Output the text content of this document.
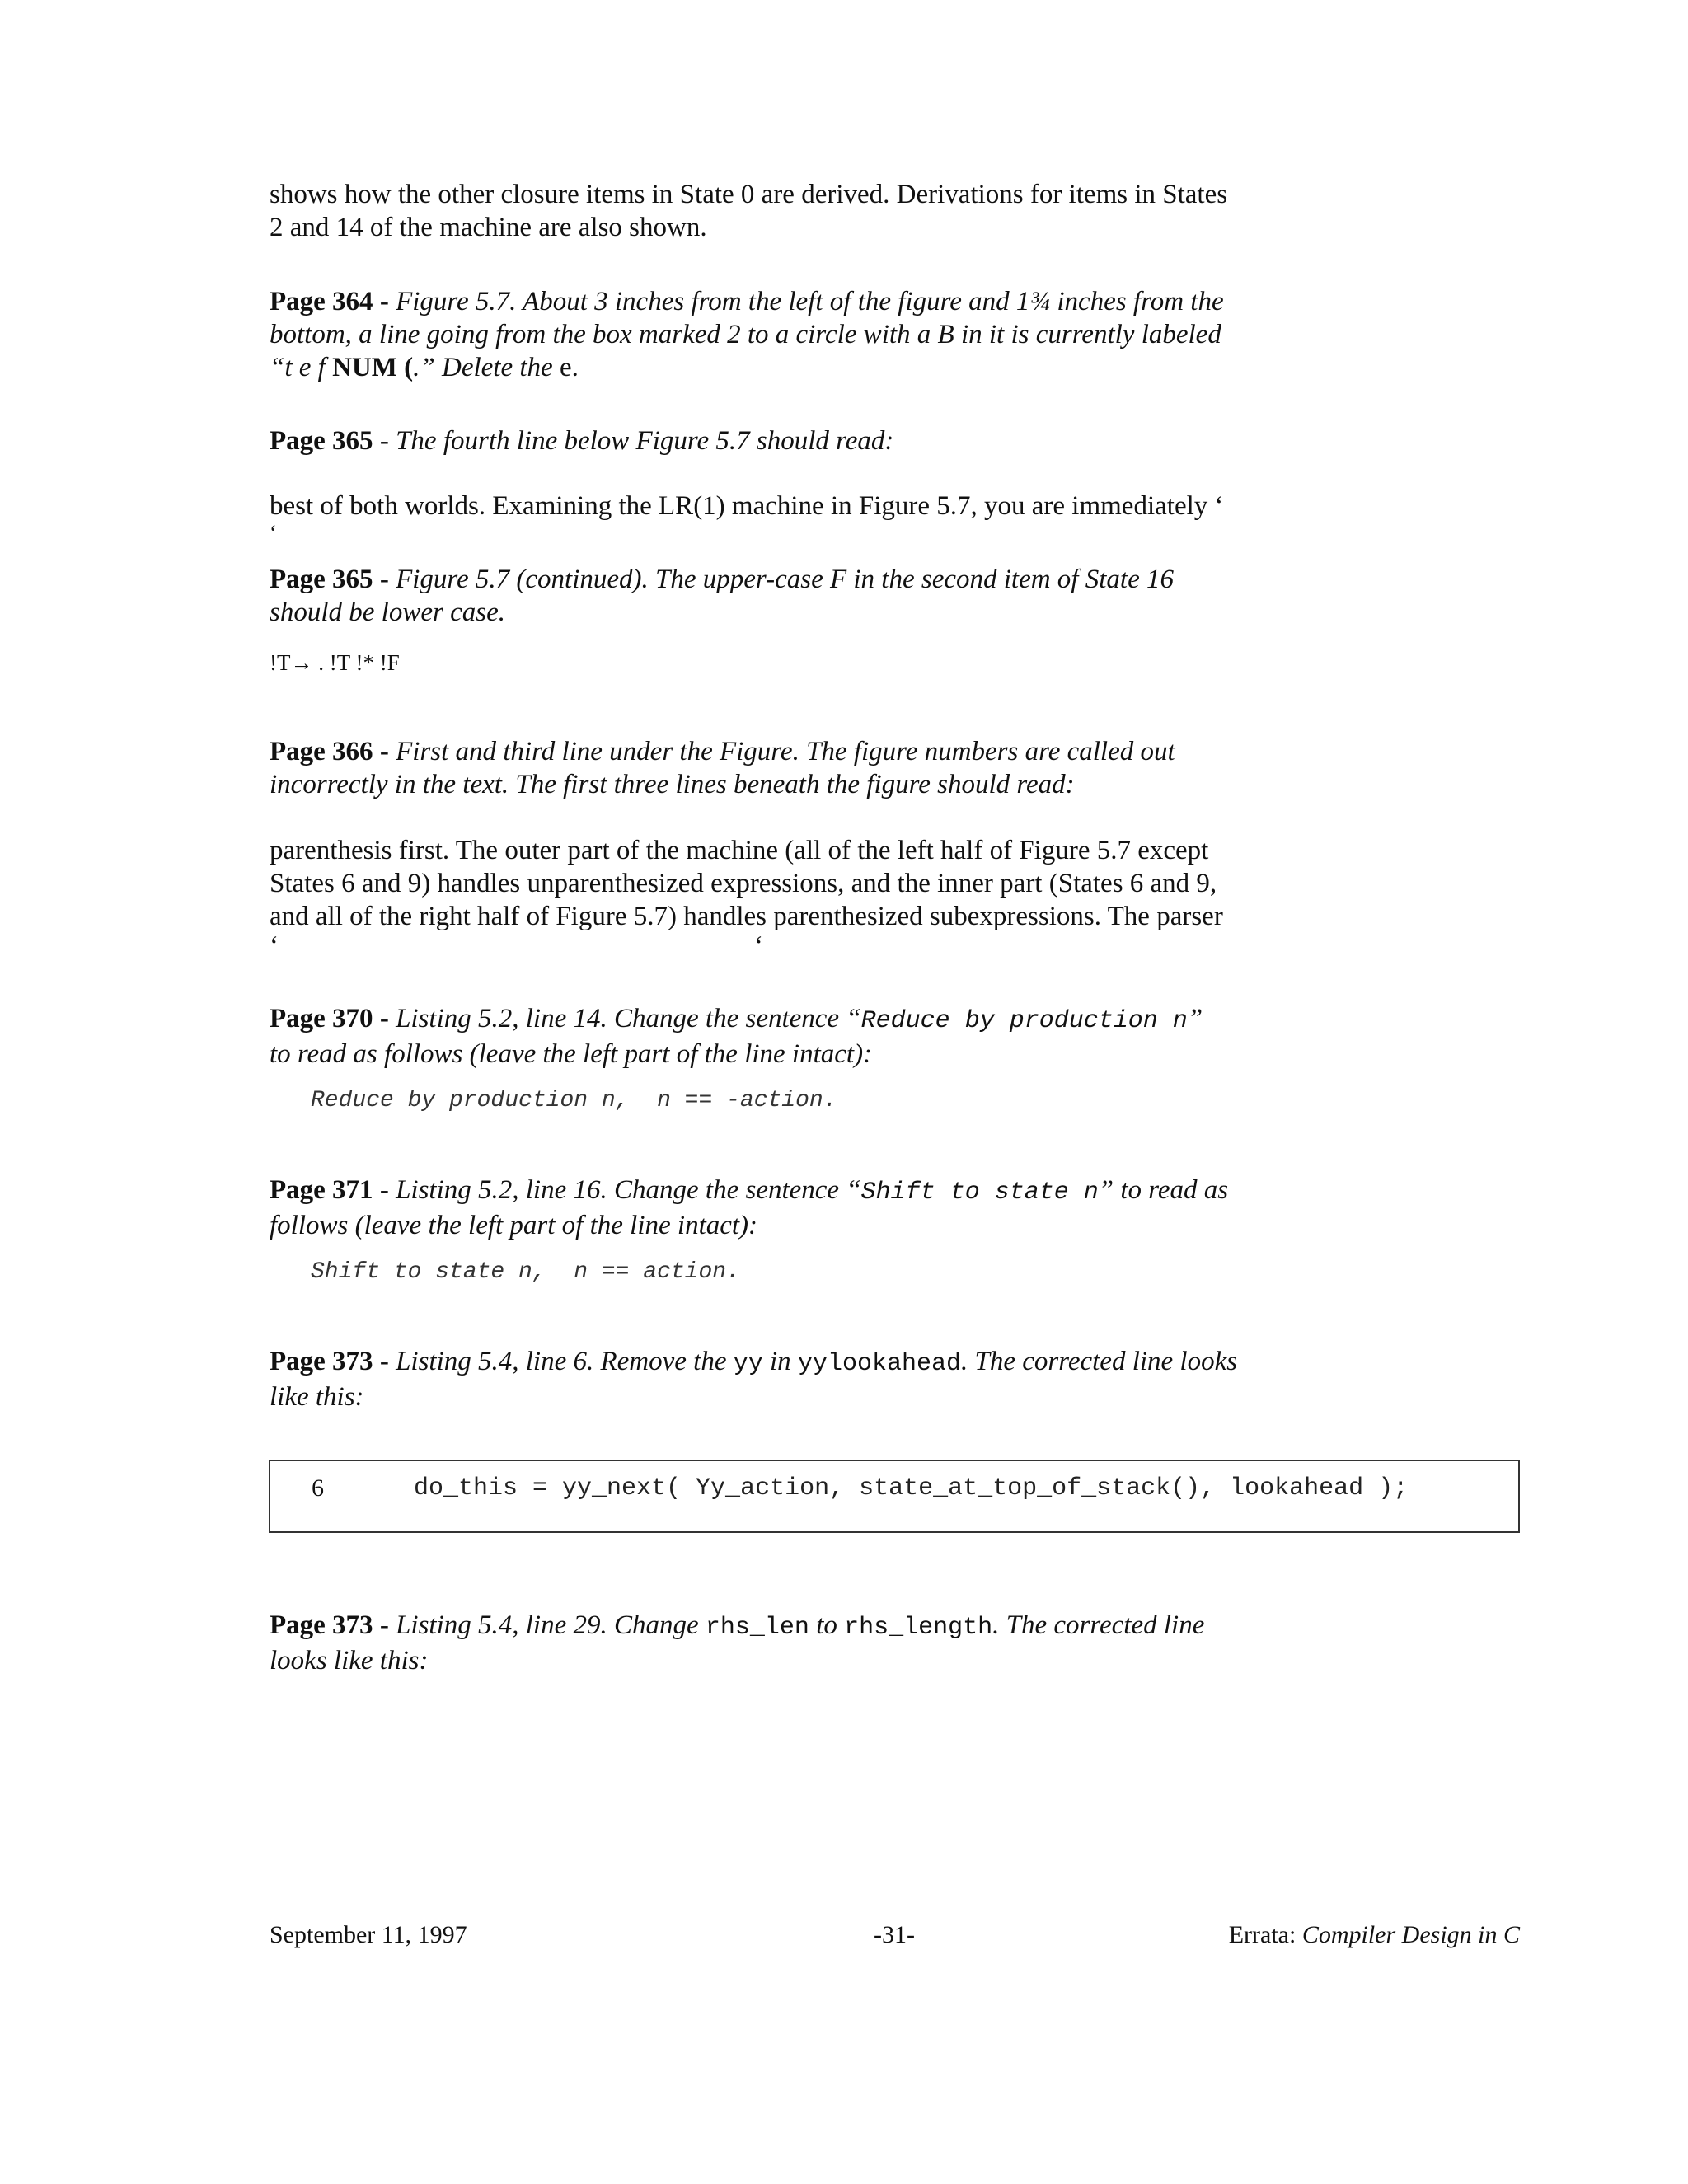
shows how the other closure items in State 0 are derived. Derivations for items in States
2 and 14 of the machine are also shown.
Page 364 - Figure 5.7. About 3 inches from the left of the figure and 1¾ inches from the
bottom, a line going from the box marked 2 to a circle with a B in it is currently labeled
“t e f NUM (.” Delete the e.
Page 365 - The fourth line below Figure 5.7 should read:
best of both worlds. Examining the LR(1) machine in Figure 5.7, you are immediately ‘
‘
Page 365 - Figure 5.7 (continued). The upper-case F in the second item of State 16
should be lower case.
!T→ . !T !* !F
Page 366 - First and third line under the Figure. The figure numbers are called out
incorrectly in the text. The first three lines beneath the figure should read:
parenthesis first. The outer part of the machine (all of the left half of Figure 5.7 except
States 6 and 9) handles unparenthesized expressions, and the inner part (States 6 and 9,
and all of the right half of Figure 5.7) handles parenthesized subexpressions. The parser
‘	‘
Page 370 - Listing 5.2, line 14. Change the sentence “Reduce by production n”
to read as follows (leave the left part of the line intact):
Reduce by production n,  n == -action.
Page 371 - Listing 5.2, line 16. Change the sentence “Shift to state n” to read as
follows (leave the left part of the line intact):
Shift to state n,  n == action.
Page 373 - Listing 5.4, line 6. Remove the yy in yylookahead. The corrected line looks
like this:
6	do_this = yy_next( Yy_action, state_at_top_of_stack(), lookahead );
Page 373 - Listing 5.4, line 29. Change rhs_len to rhs_length. The corrected line
looks like this:
September 11, 1997	-31-	Errata: Compiler Design in C
